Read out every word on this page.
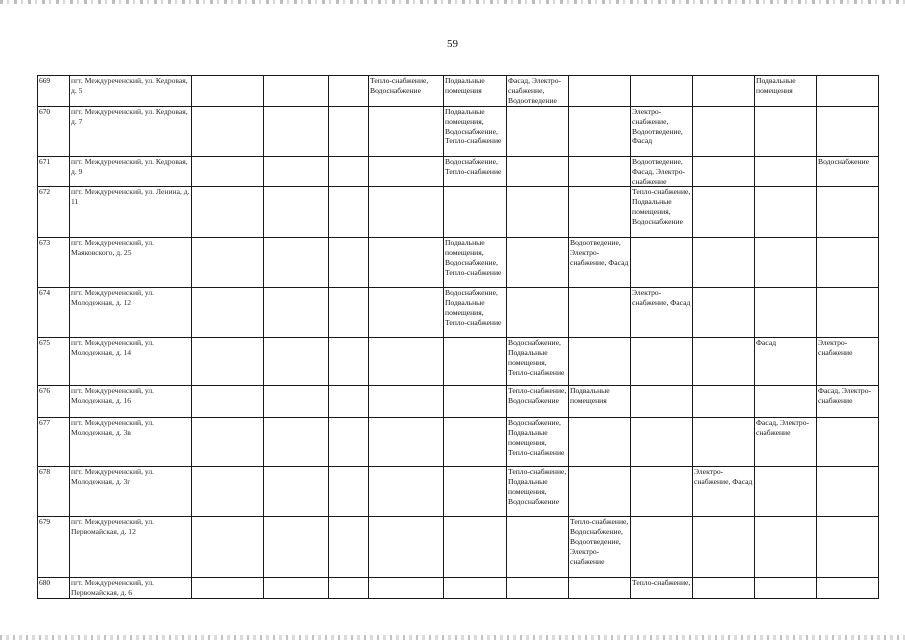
59
669	пгт. Междуреченский, ул. Кедровая, д. 5				Тепло-снабжение, Водоснабжение	Подвальные помещения	Фасад, Электро-снабжение, Водоотведение				Подвальные помещения	
670	пгт. Междуреченский, ул. Кедровая, д. 7					Подвальные помещения, Водоснабжение, Тепло-снабжение			Электро-снабжение, Водоотведение, Фасад			
671	пгт. Междуреченский, ул. Кедровая, д. 9					Водоснабжение, Тепло-снабжение			Водоотведение, Фасад, Электро-снабжение			Водоснабжение
672	пгт. Междуреченский, ул. Ленина, д. 11								Тепло-снабжение, Подвальные помещения, Водоснабжение			
673	пгт. Междуреченский, ул. Маяковского, д. 25					Подвальные помещения, Водоснабжение, Тепло-снабжение		Водоотведение, Электро-снабжение, Фасад				
674	пгт. Междуреченский, ул. Молодежная, д. 12					Водоснабжение, Подвальные помещения, Тепло-снабжение			Электро-снабжение, Фасад			
675	пгт. Междуреченский, ул. Молодежная, д. 14						Водоснабжение, Подвальные помещения, Тепло-снабжение				Фасад	Электро-снабжение
676	пгт. Междуреченский, ул. Молодежная, д. 16						Тепло-снабжение, Водоснабжение	Подвальные помещения				Фасад, Электро-снабжение
677	пгт. Междуреченский, ул. Молодежная, д. 3в						Водоснабжение, Подвальные помещения, Тепло-снабжение				Фасад, Электро-снабжение	
678	пгт. Междуреченский, ул. Молодежная, д. 3г						Тепло-снабжение, Подвальные помещения, Водоснабжение			Электро-снабжение, Фасад		
679	пгт. Междуреченский, ул. Первомайская, д. 12							Тепло-снабжение, Водоснабжение, Водоотведение, Электро-снабжение				
680	пгт. Междуреченский, ул. Первомайская, д. 6								Тепло-снабжение,			
